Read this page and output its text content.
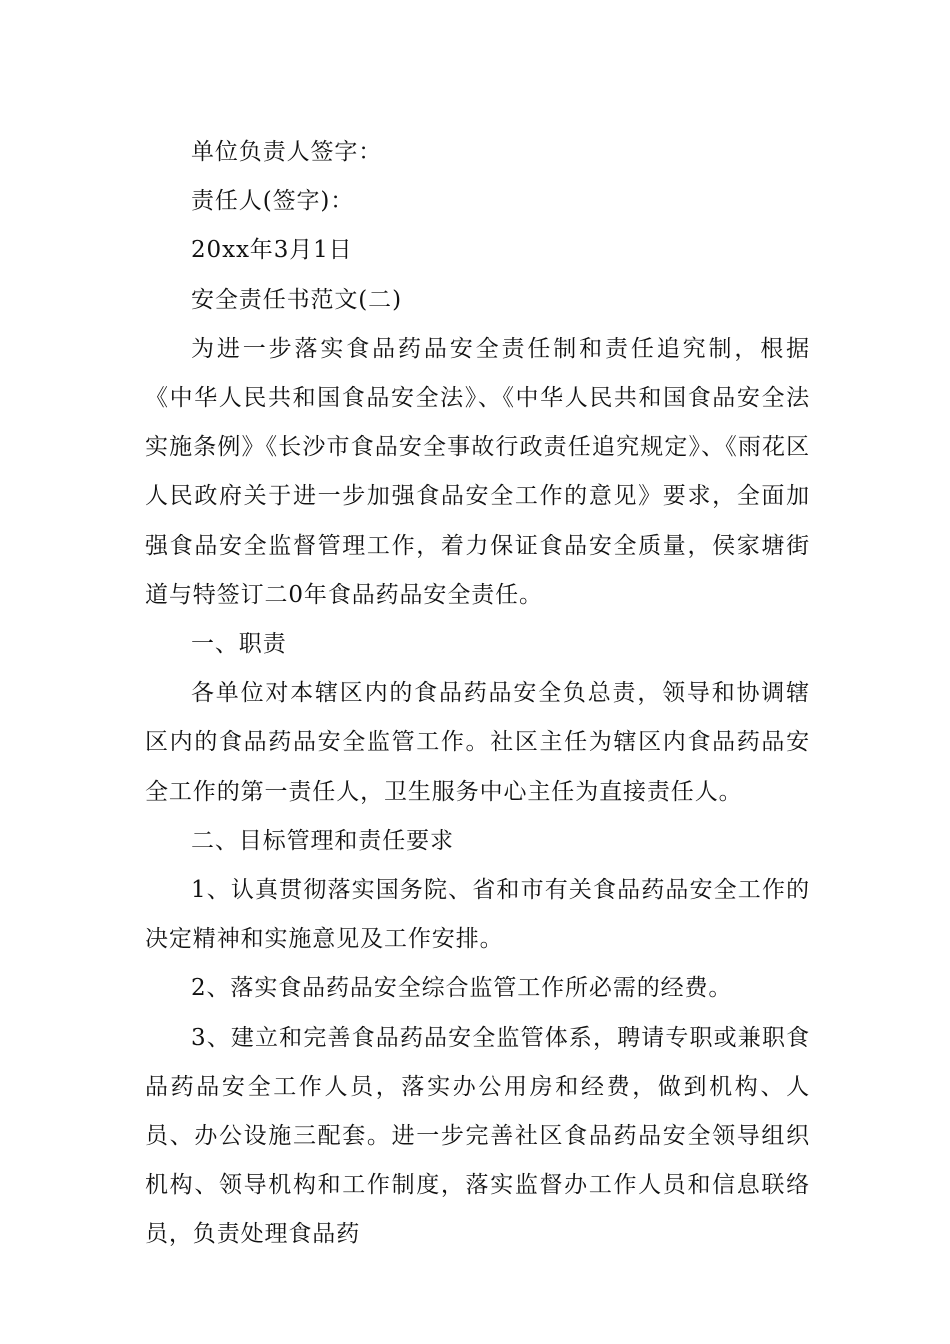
单位负责人签字：

责任人(签字)：

20xx年3月1日

安全责任书范文(二)

为进一步落实食品药品安全责任制和责任追究制，根据《中华人民共和国食品安全法》、《中华人民共和国食品安全法实施条例》《长沙市食品安全事故行政责任追究规定》、《雨花区人民政府关于进一步加强食品安全工作的意见》要求，全面加强食品安全监督管理工作，着力保证食品安全质量，侯家塘街道与特签订二0年食品药品安全责任。

一、职责

各单位对本辖区内的食品药品安全负总责，领导和协调辖区内的食品药品安全监管工作。社区主任为辖区内食品药品安全工作的第一责任人，卫生服务中心主任为直接责任人。

二、目标管理和责任要求

1、认真贯彻落实国务院、省和市有关食品药品安全工作的决定精神和实施意见及工作安排。

2、落实食品药品安全综合监管工作所必需的经费。

3、建立和完善食品药品安全监管体系，聘请专职或兼职食品药品安全工作人员，落实办公用房和经费，做到机构、人员、办公设施三配套。进一步完善社区食品药品安全领导组织机构、领导机构和工作制度，落实监督办工作人员和信息联络员，负责处理食品药
